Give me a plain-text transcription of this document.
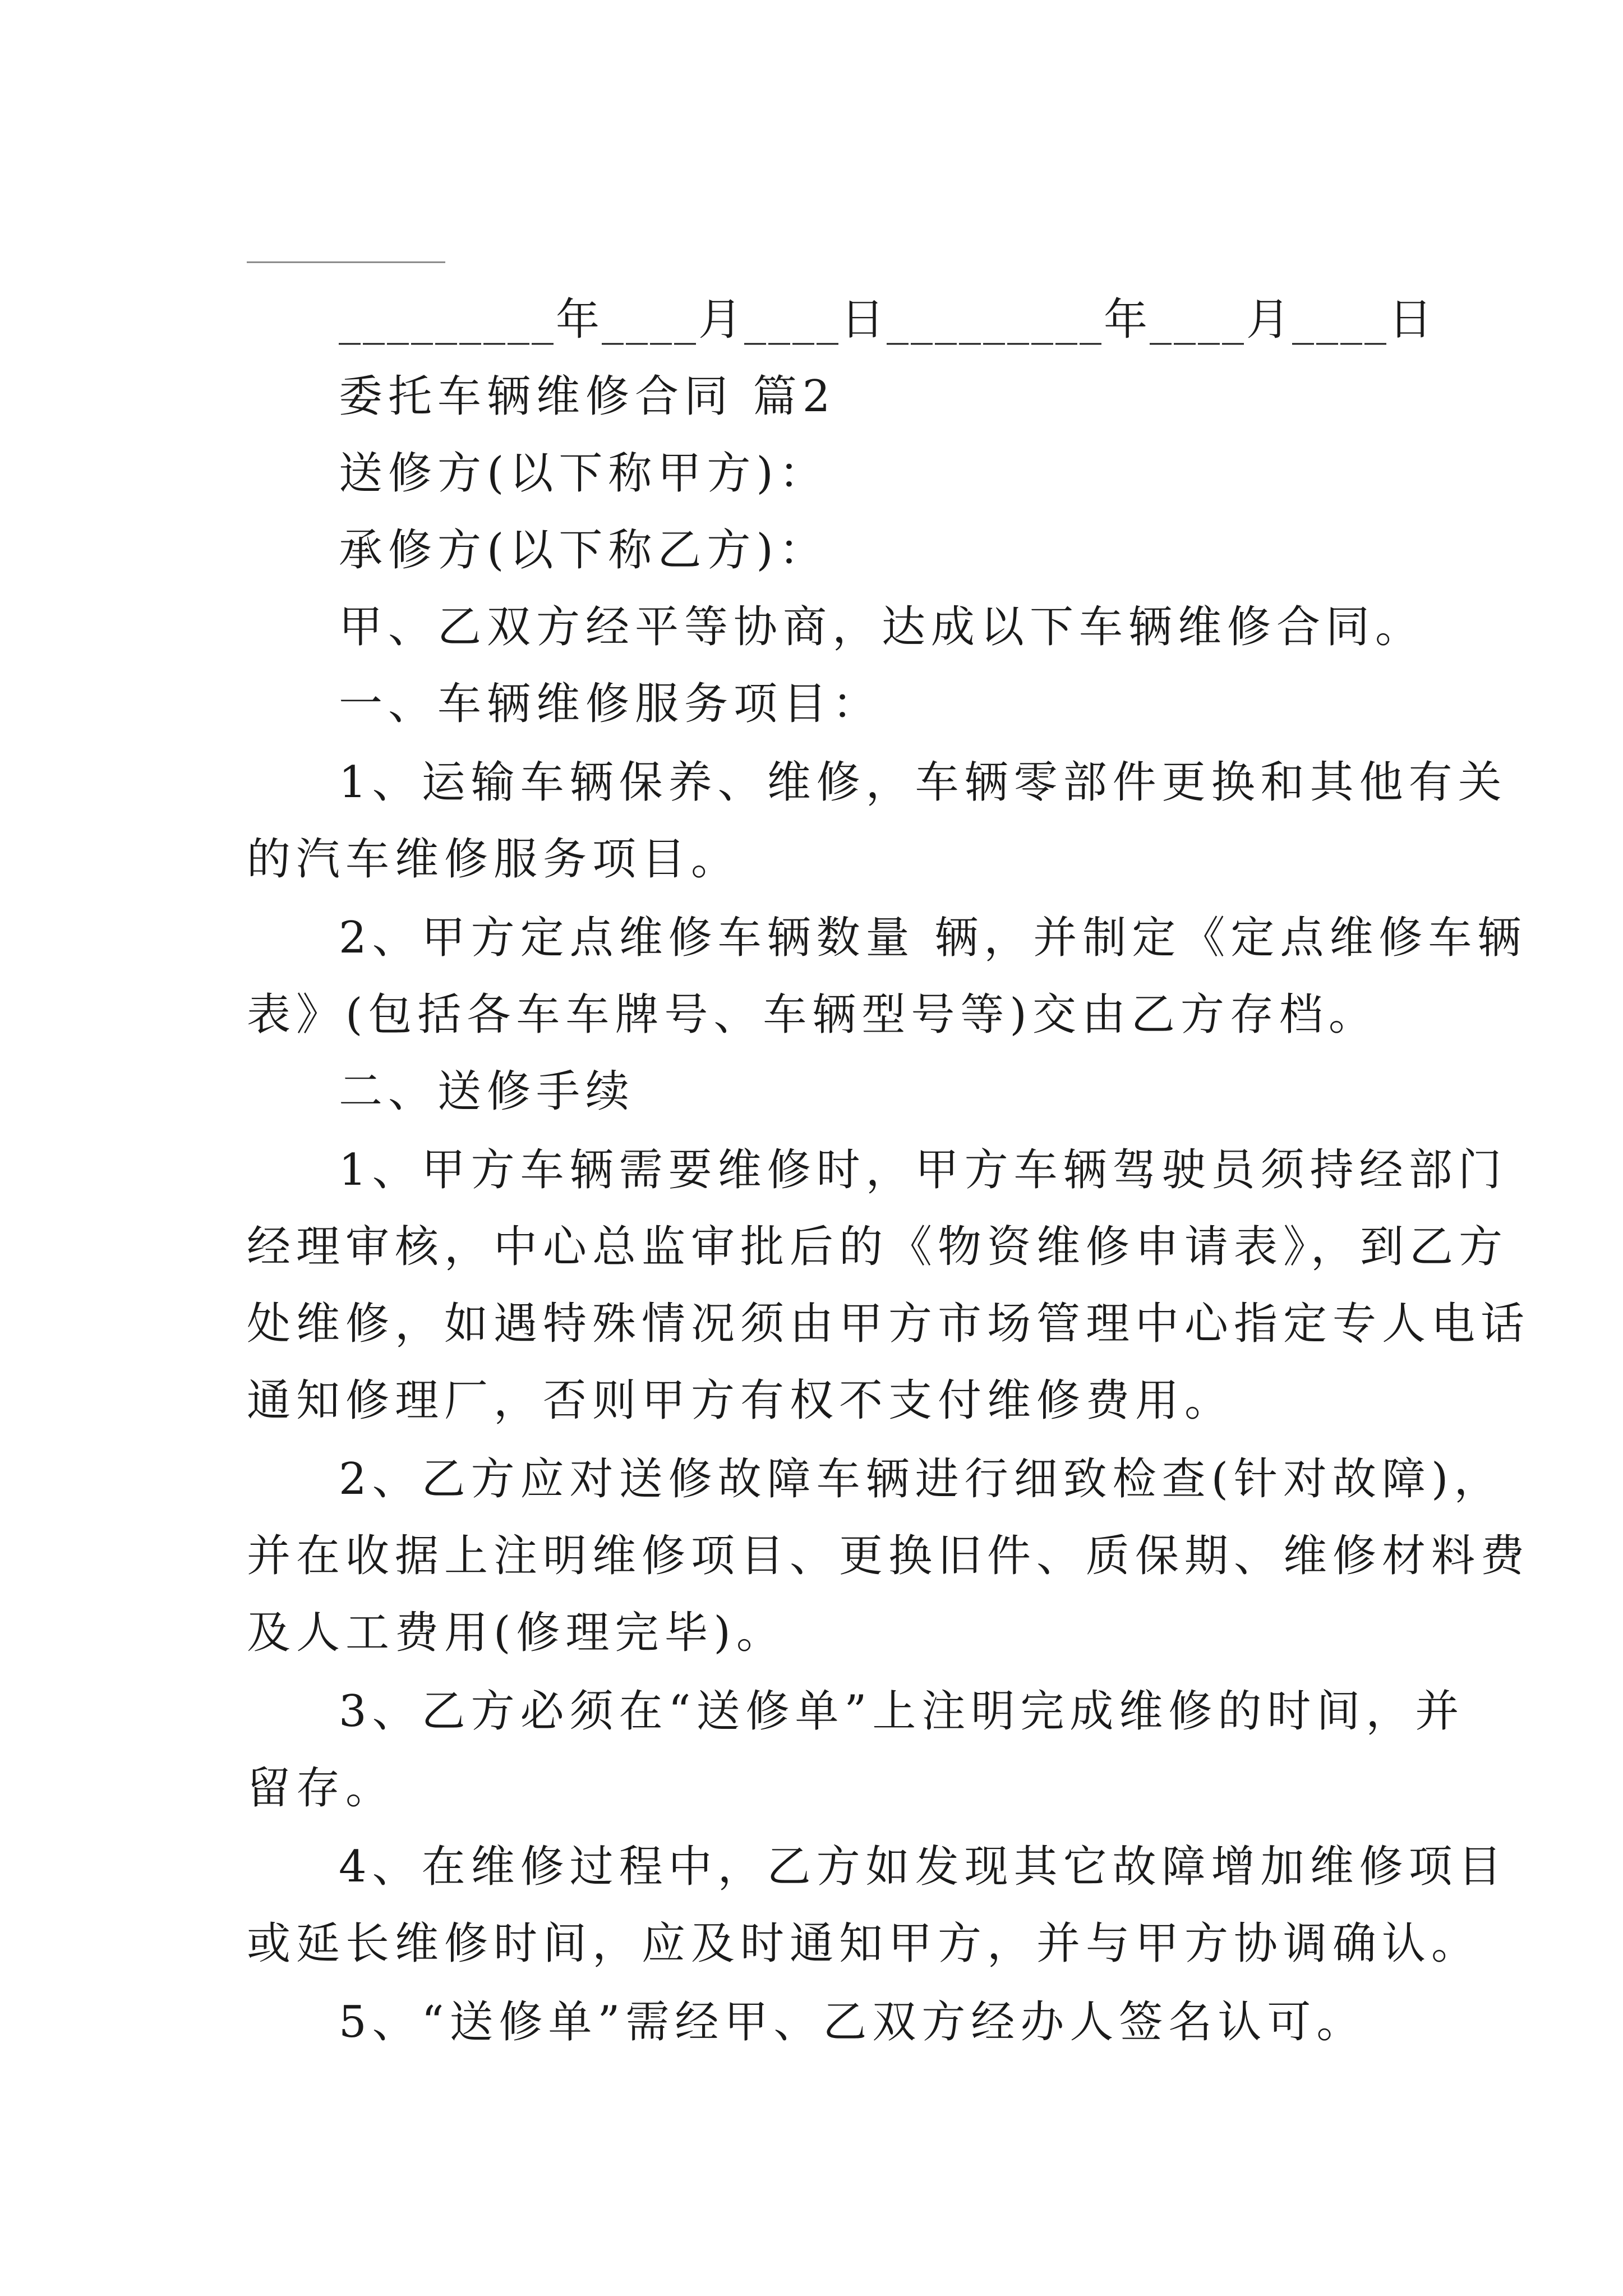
_________年____月____日_________年____月____日
委托车辆维修合同 篇2
送修方(以下称甲方)：
承修方(以下称乙方)：
甲、乙双方经平等协商，达成以下车辆维修合同。
一、车辆维修服务项目：
1、运输车辆保养、维修，车辆零部件更换和其他有关
的汽车维修服务项目。
2、甲方定点维修车辆数量 辆，并制定《定点维修车辆
表》(包括各车车牌号、车辆型号等)交由乙方存档。
二、送修手续
1、甲方车辆需要维修时，甲方车辆驾驶员须持经部门
经理审核，中心总监审批后的《物资维修申请表》，到乙方
处维修，如遇特殊情况须由甲方市场管理中心指定专人电话
通知修理厂，否则甲方有权不支付维修费用。
2、乙方应对送修故障车辆进行细致检查(针对故障)，
并在收据上注明维修项目、更换旧件、质保期、维修材料费
及人工费用(修理完毕)。
3、乙方必须在“送修单”上注明完成维修的时间，并
留存。
4、在维修过程中，乙方如发现其它故障增加维修项目
或延长维修时间，应及时通知甲方，并与甲方协调确认。
5、“送修单”需经甲、乙双方经办人签名认可。
